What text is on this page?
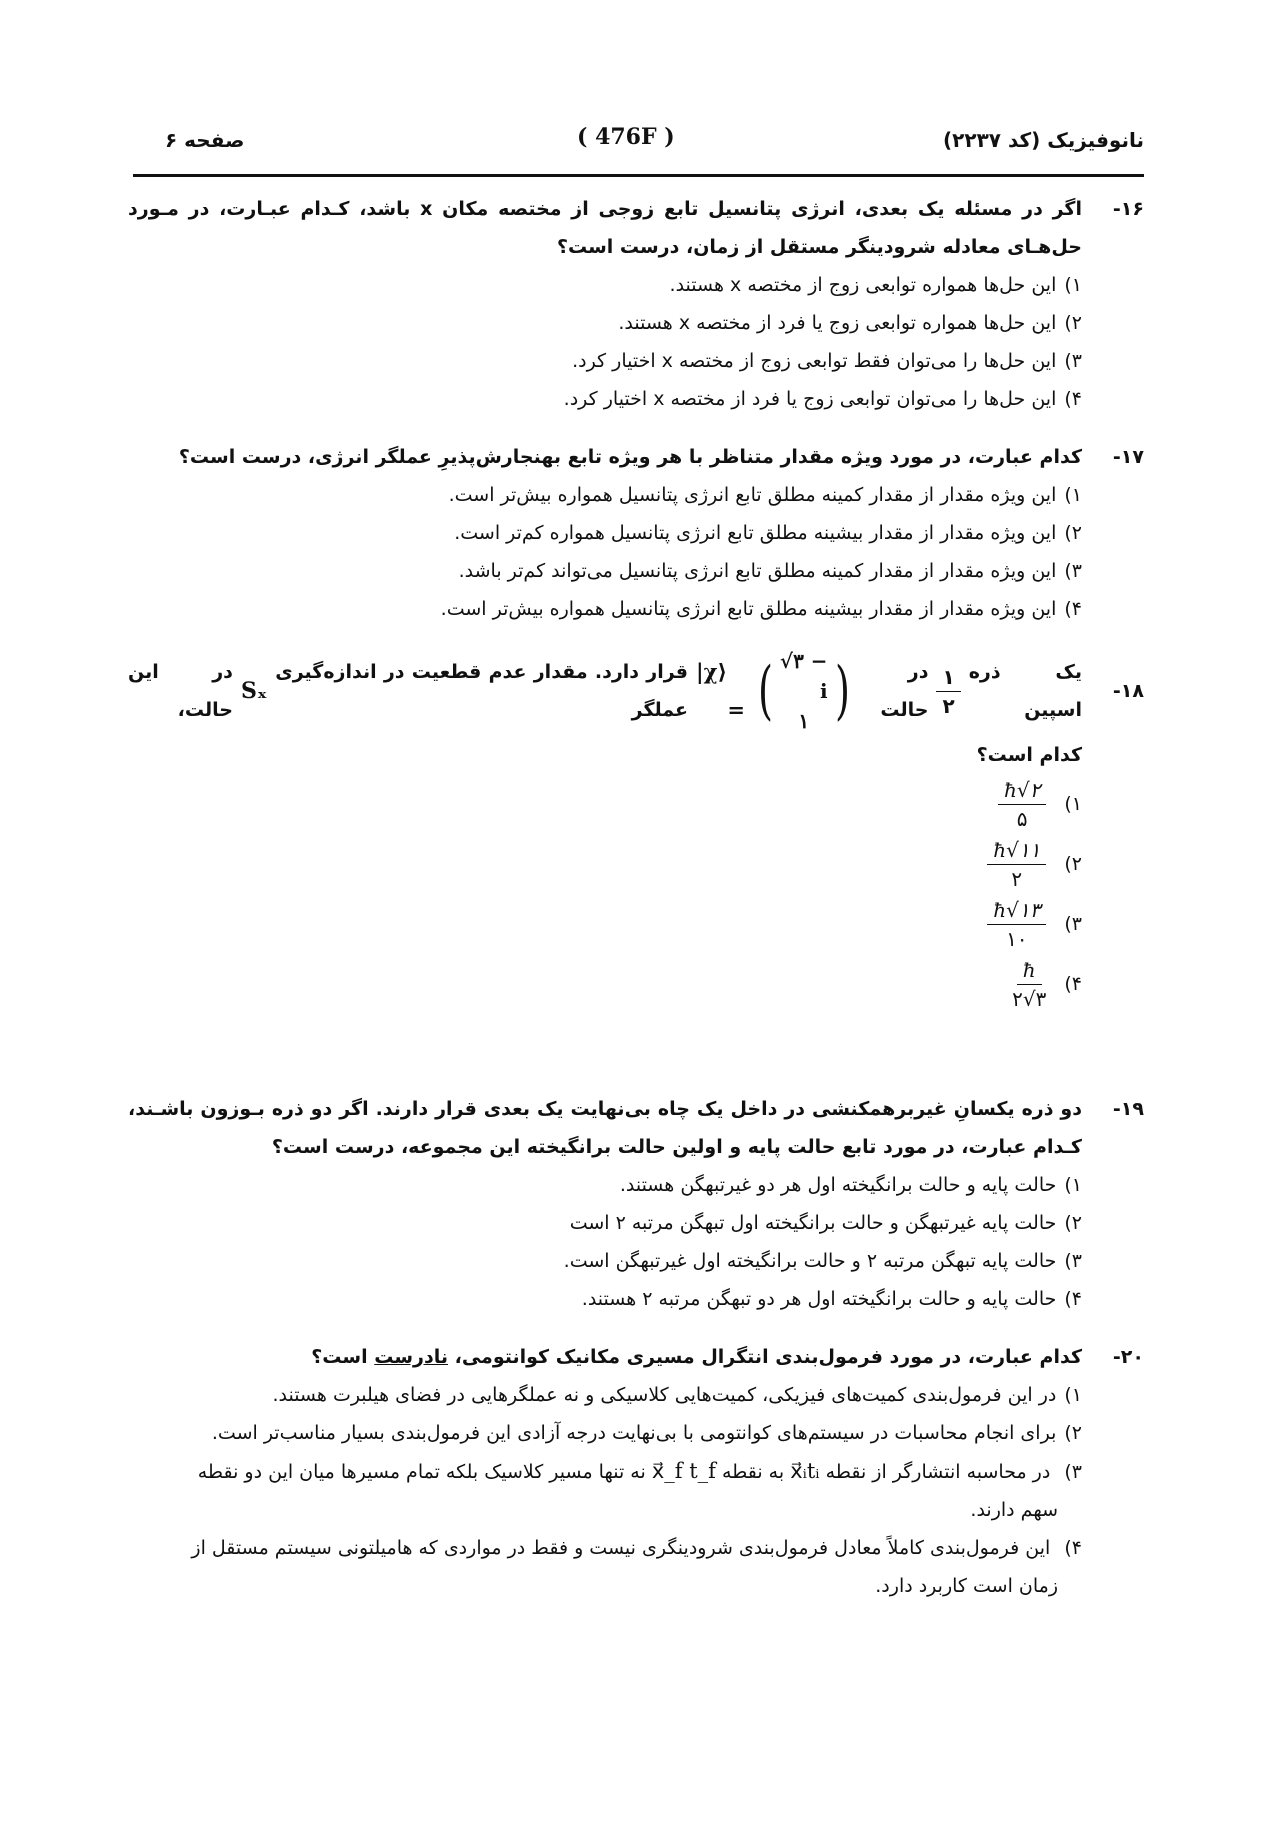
نانوفیزیک (کد ۲۲۳۷)
( 476F )
صفحه ۶
۱۶-
اگر در مسئله یک بعدی، انرژی پتانسیل تابع زوجی از مختصه مکان x باشد، کـدام عبـارت، در مـورد حل‌هـای معادله شرودینگر مستقل از زمان، درست است؟
۱)این حل‌ها همواره توابعی زوج از مختصه x هستند.
۲)این حل‌ها همواره توابعی زوج یا فرد از مختصه x هستند.
۳)این حل‌ها را می‌توان فقط توابعی زوج از مختصه x اختیار کرد.
۴)این حل‌ها را می‌توان توابعی زوج یا فرد از مختصه x اختیار کرد.
۱۷-
کدام عبارت، در مورد ویژه مقدار متناظر با هر ویژه تابع بهنجارش‌پذیرِ عملگر انرژی، درست است؟
۱)این ویژه مقدار از مقدار کمینه مطلق تابع انرژی پتانسیل همواره بیش‌تر است.
۲)این ویژه مقدار از مقدار بیشینه مطلق تابع انرژی پتانسیل همواره کم‌تر است.
۳)این ویژه مقدار از مقدار کمینه مطلق تابع انرژی پتانسیل می‌تواند کم‌تر باشد.
۴)این ویژه مقدار از مقدار بیشینه مطلق تابع انرژی پتانسیل همواره بیش‌تر است.
۱۸-
یک ذره اسپین
$\frac{۱}{۲}$
در حالت
( √۳ − i
۱ )
|χ⟩ =
قرار دارد. مقدار عدم قطعیت در اندازه‌گیری عملگر
Sₓ
در این حالت،
کدام است؟
۱)
$\frac{ħ√۲}{۵}$
۲)
$\frac{ħ√۱۱}{۲}$
۳)
$\frac{ħ√۱۳}{۱۰}$
۴)
$\frac{ħ}{۲√۳}$
۱۹-
دو ذره یکسانِ غیربرهمکنشی در داخل یک چاه بی‌نهایت یک بعدی قرار دارند. اگر دو ذره بـوزون باشـند، کـدام عبارت، در مورد تابع حالت پایه و اولین حالت برانگیخته این مجموعه، درست است؟
۱)حالت پایه و حالت برانگیخته اول هر دو غیرتبهگن هستند.
۲)حالت پایه غیرتبهگن و حالت برانگیخته اول تبهگن مرتبه ۲ است
۳)حالت پایه تبهگن مرتبه ۲ و حالت برانگیخته اول غیرتبهگن است.
۴)حالت پایه و حالت برانگیخته اول هر دو تبهگن مرتبه ۲ هستند.
۲۰-
کدام عبارت، در مورد فرمول‌بندی انتگرال مسیری مکانیک کوانتومی، نادرست است؟
۱)در این فرمول‌بندی کمیت‌های فیزیکی، کمیت‌هایی کلاسیکی و نه عملگرهایی در فضای هیلبرت هستند.
۲)برای انجام محاسبات در سیستم‌های کوانتومی با بی‌نهایت درجه آزادی این فرمول‌بندی بسیار مناسب‌تر است.
۳) در محاسبه انتشارگر از نقطه x⃗ᵢtᵢ به نقطه x⃗_f t_f نه تنها مسیر کلاسیک بلکه تمام مسیرها میان این دو نقطه
سهم دارند.
۴) این فرمول‌بندی کاملاً معادل فرمول‌بندی شرودینگری نیست و فقط در مواردی که هامیلتونی سیستم مستقل از
زمان است کاربرد دارد.
